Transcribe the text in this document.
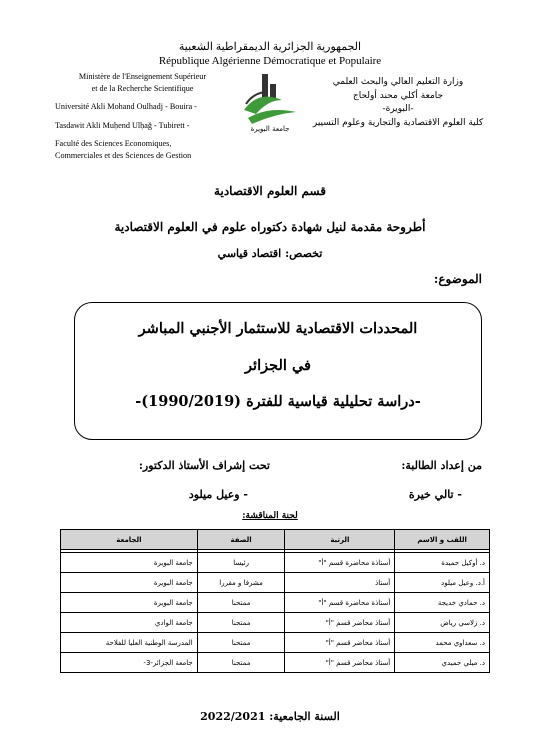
الجمهورية الجزائرية الديمقراطية الشعبية
République Algérienne Démocratique et Populaire
Ministère de l'Enseignement Supérieur
et de la Recherche Scientifique
Université Akli Mohand Oulhadj - Bouira -
Tasdawit Akli Muḥend Ulḥağ - Tubirett -
Faculté des Sciences Economiques,
Commerciales et des Sciences de Gestion
جامعة البويرة
وزارة التعليم العالي والبحث العلمي
جامعة أكلي محند أولحاج
-البويرة-
كلية العلوم الاقتصادية والتجارية وعلوم التسيير
قسم العلوم الاقتصادية
أطروحة مقدمة لنيل شهادة دكتوراه علوم في العلوم الاقتصادية
تخصص: اقتصاد قياسي
الموضوع:
المحددات الاقتصادية للاستثمار الأجنبي المباشر
في الجزائر
-دراسة تحليلية قياسية للفترة (1990/2019)-
من إعداد الطالبة:
تحت إشراف الأستاذ الدكتور:
- تالي خيرة
- وعيل ميلود
لجنة المناقشة:
اللقب و الاسم	الرتبة	الصفة	الجامعة

د. أوكيل حميدة	أستاذة محاضرة قسم "أ"	رئيسا	جامعة البويرة
أ.د. وعيل ميلود	أستاذ	مشرفا و مقررا	جامعة البويرة
د. حمادي خديجة	أستاذة محاضرة قسم "أ"	ممتحنا	جامعة البويرة
د. زلاسي رياض	أستاذ محاضر قسم "أ"	ممتحنا	جامعة الوادي
د. سعداوي محمد	أستاذ محاضر قسم "أ"	ممتحنا	المدرسة الوطنية العليا للفلاحة
د. ميلي حميدي	أستاذ محاضر قسم "أ"	ممتحنا	جامعة الجزائر-3-
السنة الجامعية: 2022/2021
